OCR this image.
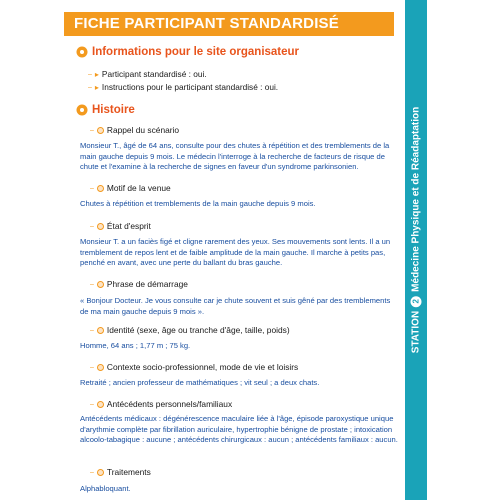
FICHE PARTICIPANT STANDARDISÉ
STATION
2
Médecine Physique et de Réadaptation
Informations pour le site organisateur
– ▸ Participant standardisé : oui.
– ▸ Instructions pour le participant standardisé : oui.
Histoire
– Rappel du scénario
Monsieur T., âgé de 64 ans, consulte pour des chutes à répétition et des tremblements de la main gauche depuis 9 mois. Le médecin l'interroge à la recherche de facteurs de risque de chute et l'examine à la recherche de signes en faveur d'un syndrome parkinsonien.
– Motif de la venue
Chutes à répétition et tremblements de la main gauche depuis 9 mois.
– État d'esprit
Monsieur T. a un faciès figé et cligne rarement des yeux. Ses mouvements sont lents. Il a un tremblement de repos lent et de faible amplitude de la main gauche. Il marche à petits pas, penché en avant, avec une perte du ballant du bras gauche.
– Phrase de démarrage
« Bonjour Docteur. Je vous consulte car je chute souvent et suis gêné par des tremblements de ma main gauche depuis 9 mois ».
– Identité (sexe, âge ou tranche d'âge, taille, poids)
Homme, 64 ans ; 1,77 m ; 75 kg.
– Contexte socio-professionnel, mode de vie et loisirs
Retraité ; ancien professeur de mathématiques ; vit seul ; a deux chats.
– Antécédents personnels/familiaux
Antécédents médicaux : dégénérescence maculaire liée à l'âge, épisode paroxystique unique d'arythmie complète par fibrillation auriculaire, hypertrophie bénigne de prostate ; intoxication alcoolo-tabagique : aucune ; antécédents chirurgicaux : aucun ; antécédents familiaux : aucun.
– Traitements
Alphabloquant.
